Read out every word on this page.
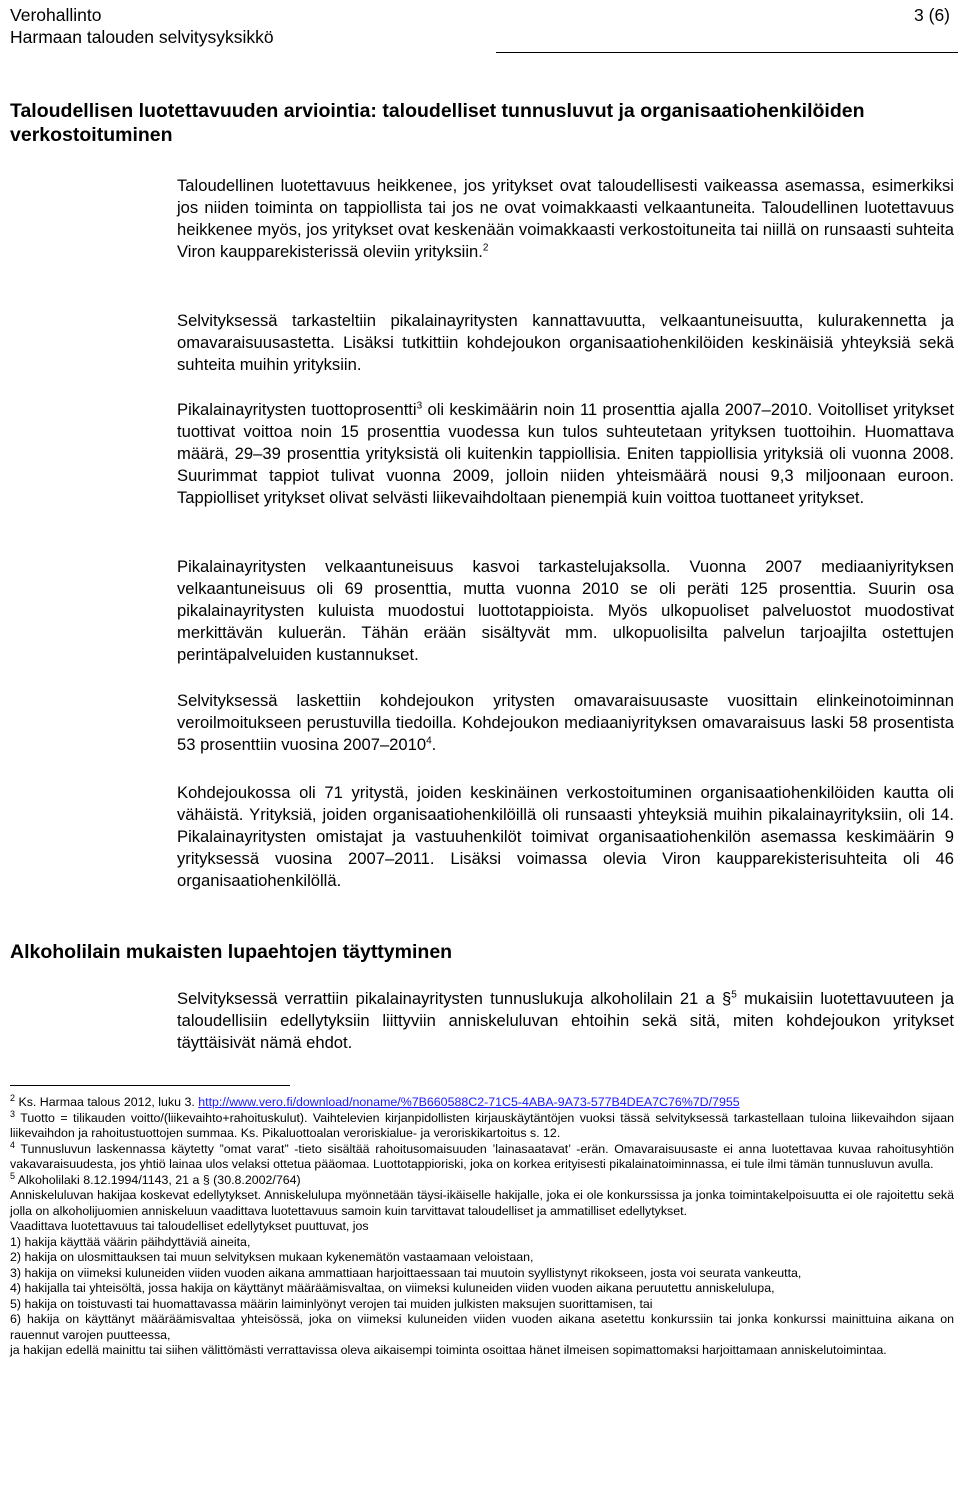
Verohallinto
Harmaan talouden selvitysyksikkö
3 (6)
Taloudellisen luotettavuuden arviointia: taloudelliset tunnusluvut ja organisaatiohenkilöiden verkostoituminen

Taloudellinen luotettavuus heikkenee, jos yritykset ovat taloudellisesti vaikeassa asemassa, esimerkiksi jos niiden toiminta on tappiollista tai jos ne ovat voimakkaasti velkaantuneita. Taloudellinen luotettavuus heikkenee myös, jos yritykset ovat keskenään voimakkaasti verkostoituneita tai niillä on runsaasti suhteita Viron kaupparekisterissä oleviin yrityksiin.$^2$

Selvityksessä tarkasteltiin pikalainayritysten kannattavuutta, velkaantuneisuutta, kulurakennetta ja omavaraisuusastetta. Lisäksi tutkittiin kohdejoukon organisaatiohenkilöiden keskinäisiä yhteyksiä sekä suhteita muihin yrityksiin.

Pikalainayritysten tuottoprosentti$^3$ oli keskimäärin noin 11 prosenttia ajalla 2007–2010. Voitolliset yritykset tuottivat voittoa noin 15 prosenttia vuodessa kun tulos suhteutetaan yrityksen tuottoihin. Huomattava määrä, 29–39 prosenttia yrityksistä oli kuitenkin tappiollisia. Eniten tappiollisia yrityksiä oli vuonna 2008. Suurimmat tappiot tulivat vuonna 2009, jolloin niiden yhteismäärä nousi 9,3 miljoonaan euroon. Tappiolliset yritykset olivat selvästi liikevaihdoltaan pienempiä kuin voittoa tuottaneet yritykset.

Pikalainayritysten velkaantuneisuus kasvoi tarkastelujaksolla. Vuonna 2007 mediaaniyrityksen velkaantuneisuus oli 69 prosenttia, mutta vuonna 2010 se oli peräti 125 prosenttia. Suurin osa pikalainayritysten kuluista muodostui luottotappioista. Myös ulkopuoliset palveluostot muodostivat merkittävän kuluerän. Tähän erään sisältyvät mm. ulkopuolisilta palvelun tarjoajilta ostettujen perintäpalveluiden kustannukset.

Selvityksessä laskettiin kohdejoukon yritysten omavaraisuusaste vuosittain elinkeinotoiminnan veroilmoitukseen perustuvilla tiedoilla. Kohdejoukon mediaaniyrityksen omavaraisuus laski 58 prosentista 53 prosenttiin vuosina 2007–2010$^4$.

Kohdejoukossa oli 71 yritystä, joiden keskinäinen verkostoituminen organisaatiohenkilöiden kautta oli vähäistä. Yrityksiä, joiden organisaatiohenkilöillä oli runsaasti yhteyksiä muihin pikalainayrityksiin, oli 14. Pikalainayritysten omistajat ja vastuuhenkilöt toimivat organisaatiohenkilön asemassa keskimäärin 9 yrityksessä vuosina 2007–2011. Lisäksi voimassa olevia Viron kaupparekisterisuhteita oli 46 organisaatiohenkilöllä.

Alkoholilain mukaisten lupaehtojen täyttyminen

Selvityksessä verrattiin pikalainayritysten tunnuslukuja alkoholilain 21 a §$^5$ mukaisiin luotettavuuteen ja taloudellisiin edellytyksiin liittyviin anniskeluluvan ehtoihin sekä sitä, miten kohdejoukon yritykset täyttäisivät nämä ehdot.

$^2$ Ks. Harmaa talous 2012, luku 3. http://www.vero.fi/download/noname/%7B660588C2-71C5-4ABA-9A73-577B4DEA7C76%7D/7955

$^3$ Tuotto = tilikauden voitto/(liikevaihto+rahoituskulut). Vaihtelevien kirjanpidollisten kirjauskäytäntöjen vuoksi tässä selvityksessä tarkastellaan tuloina liikevaihdon sijaan liikevaihdon ja rahoitustuottojen summaa. Ks. Pikaluottoalan veroriskialue- ja veroriskikartoitus s. 12.

$^4$ Tunnusluvun laskennassa käytetty ”omat varat” -tieto sisältää rahoitusomaisuuden ’lainasaatavat’ -erän. Omavaraisuusaste ei anna luotettavaa kuvaa rahoitusyhtiön vakavaraisuudesta, jos yhtiö lainaa ulos velaksi ottetua pääomaa. Luottotappioriski, joka on korkea erityisesti pikalainatoiminnassa, ei tule ilmi tämän tunnusluvun avulla.

$^5$ Alkoholilaki 8.12.1994/1143, 21 a § (30.8.2002/764)

Anniskeluluvan hakijaa koskevat edellytykset. Anniskelulupa myönnetään täysi-ikäiselle hakijalle, joka ei ole konkurssissa ja jonka toimintakelpoisuutta ei ole rajoitettu sekä jolla on alkoholijuomien anniskeluun vaadittava luotettavuus samoin kuin tarvittavat taloudelliset ja ammatilliset edellytykset.

Vaadittava luotettavuus tai taloudelliset edellytykset puuttuvat, jos

1) hakija käyttää väärin päihdyttäviä aineita,

2) hakija on ulosmittauksen tai muun selvityksen mukaan kykenemätön vastaamaan veloistaan,

3) hakija on viimeksi kuluneiden viiden vuoden aikana ammattiaan harjoittaessaan tai muutoin syyllistynyt rikokseen, josta voi seurata vankeutta,

4) hakijalla tai yhteisöltä, jossa hakija on käyttänyt määräämisvaltaa, on viimeksi kuluneiden viiden vuoden aikana peruutettu anniskelulupa,

5) hakija on toistuvasti tai huomattavassa määrin laiminlyönyt verojen tai muiden julkisten maksujen suorittamisen, tai

6) hakija on käyttänyt määräämisvaltaa yhteisössä, joka on viimeksi kuluneiden viiden vuoden aikana asetettu konkurssiin tai jonka konkurssi mainittuina aikana on rauennut varojen puutteessa,

ja hakijan edellä mainittu tai siihen välittömästi verrattavissa oleva aikaisempi toiminta osoittaa hänet ilmeisen sopimattomaksi harjoittamaan anniskelutoimintaa.
